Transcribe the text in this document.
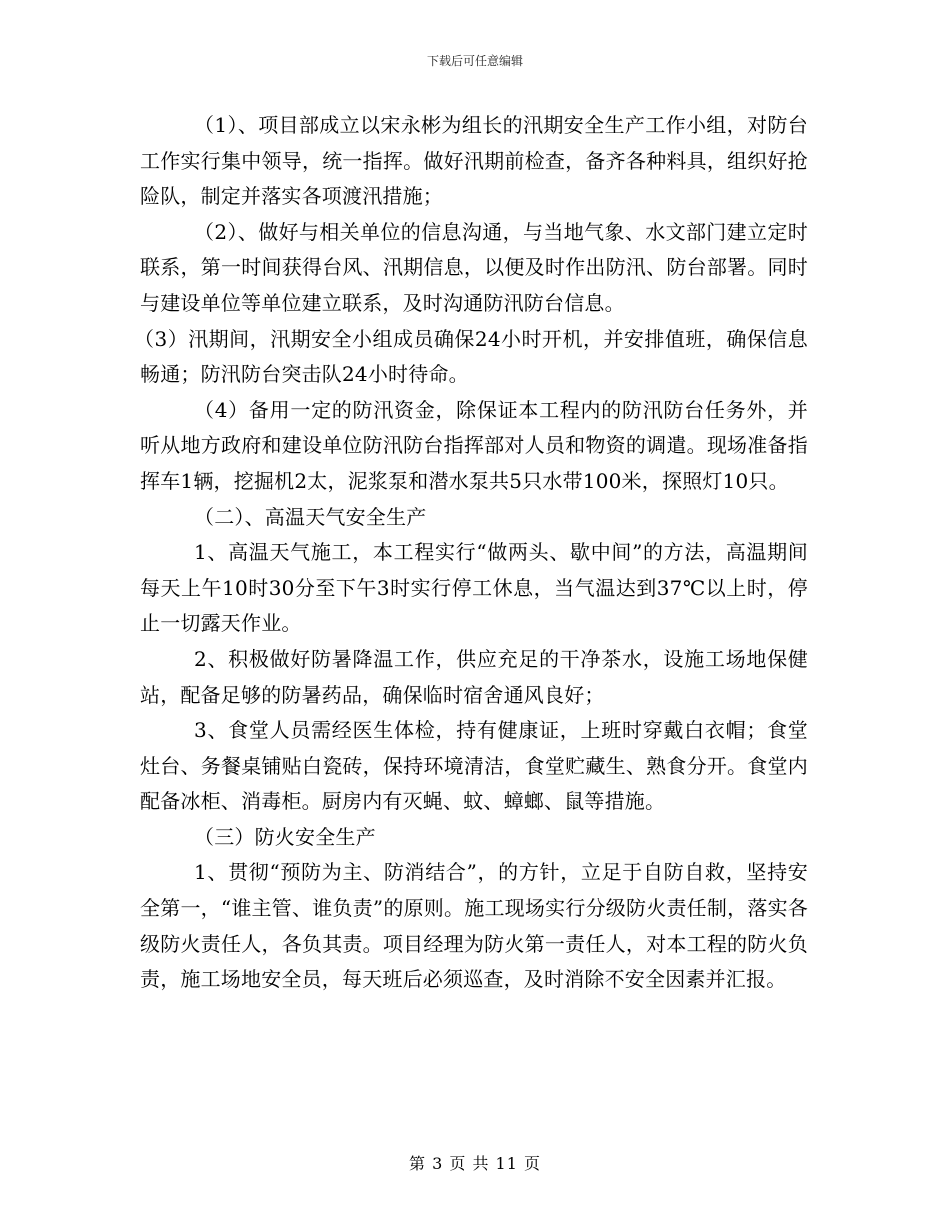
下载后可任意编辑

（1）、项目部成立以宋永彬为组长的汛期安全生产工作小组，对防台工作实行集中领导，统一指挥。做好汛期前检查，备齐各种料具，组织好抢险队，制定并落实各项渡汛措施；

（2）、做好与相关单位的信息沟通，与当地气象、水文部门建立定时联系，第一时间获得台风、汛期信息，以便及时作出防汛、防台部署。同时与建设单位等单位建立联系，及时沟通防汛防台信息。

（3）汛期间，汛期安全小组成员确保24小时开机，并安排值班，确保信息畅通；防汛防台突击队24小时待命。

（4）备用一定的防汛资金，除保证本工程内的防汛防台任务外，并听从地方政府和建设单位防汛防台指挥部对人员和物资的调遣。现场准备指挥车1辆，挖掘机2太，泥浆泵和潜水泵共5只水带100米，探照灯10只。

（二）、高温天气安全生产

1、高温天气施工，本工程实行“做两头、歇中间”的方法，高温期间每天上午10时30分至下午3时实行停工休息，当气温达到37℃以上时，停止一切露天作业。

2、积极做好防暑降温工作，供应充足的干净茶水，设施工场地保健站，配备足够的防暑药品，确保临时宿舍通风良好；

3、食堂人员需经医生体检，持有健康证，上班时穿戴白衣帽；食堂灶台、务餐桌铺贴白瓷砖，保持环境清洁，食堂贮藏生、熟食分开。食堂内配备冰柜、消毒柜。厨房内有灭蝇、蚊、蟑螂、鼠等措施。

（三）防火安全生产

1、贯彻“预防为主、防消结合”，的方针，立足于自防自救，坚持安全第一，“谁主管、谁负责”的原则。施工现场实行分级防火责任制，落实各级防火责任人，各负其责。项目经理为防火第一责任人，对本工程的防火负责，施工场地安全员，每天班后必须巡查，及时消除不安全因素并汇报。

第 3 页 共 11 页
